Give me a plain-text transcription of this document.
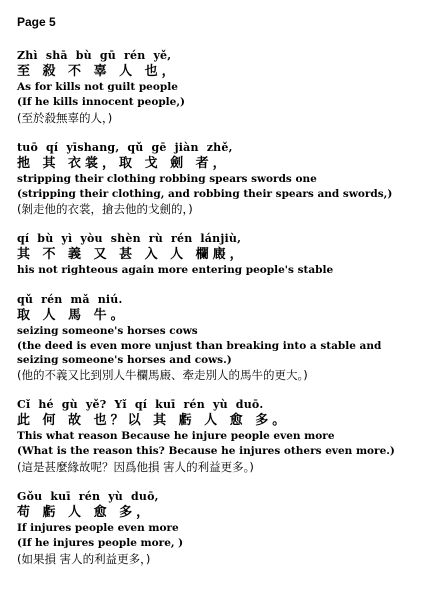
Page 5
Zhì shā bù gū rén yě,
至 殺 不 辜 人 也，
As for kills not guilt people
(If he kills innocent people,)
(至於殺無辜的人，)
tuō qí yīshang, qǔ gē jiàn zhě,
扡 其 衣裳，取 戈 劍 者，
stripping their clothing robbing spears swords one
(stripping their clothing, and robbing their spears and swords,)
(剝走他的衣裳，搶去他的戈劍的，)
qí bù yì yòu shèn rù rén lánjiù,
其 不 義 又 甚 入 人 欄廄，
his not righteous again more entering people's stable
qǔ rén mǎ niú.
取 人 馬 牛。
seizing someone's horses cows
(the deed is even more unjust than breaking into a stable and seizing someone's horses and cows.)
(他的不義又比到別人牛欄馬廄、牽走別人的馬牛的更大。)
Cǐ hé gù yě? Yǐ qí kuī rén yù duō.
此 何 故 也？以 其 虧 人 愈 多。
This what reason Because he injure people even more
(What is the reason this? Because he injures others even more.)
(這是甚麼緣故呢？因爲他損 害人的利益更多。)
Gǒu kuī rén yù duō,
苟 虧 人 愈 多，
If injures people even more
(If he injures people more, )
(如果損 害人的利益更多，)
